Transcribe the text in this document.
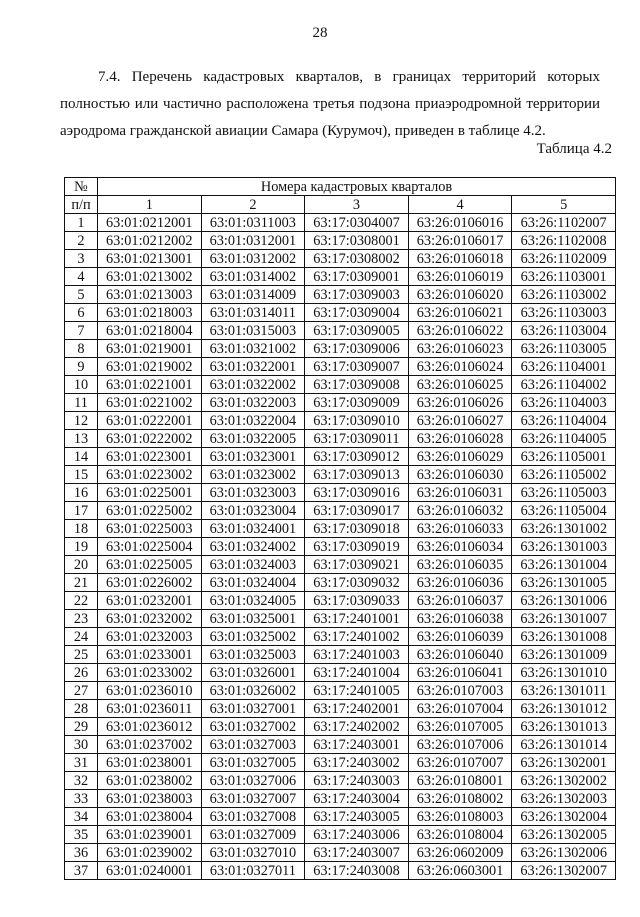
28
7.4. Перечень кадастровых кварталов, в границах территорий которых
полностью или частично расположена третья подзона приаэродромной территории аэродрома гражданской авиации Самара (Курумоч), приведен в таблице 4.2.
Таблица 4.2
№	Номера кадастровых кварталов				
п/п	1	2	3	4	5
1	63:01:0212001	63:01:0311003	63:17:0304007	63:26:0106016	63:26:1102007
2	63:01:0212002	63:01:0312001	63:17:0308001	63:26:0106017	63:26:1102008
3	63:01:0213001	63:01:0312002	63:17:0308002	63:26:0106018	63:26:1102009
4	63:01:0213002	63:01:0314002	63:17:0309001	63:26:0106019	63:26:1103001
5	63:01:0213003	63:01:0314009	63:17:0309003	63:26:0106020	63:26:1103002
6	63:01:0218003	63:01:0314011	63:17:0309004	63:26:0106021	63:26:1103003
7	63:01:0218004	63:01:0315003	63:17:0309005	63:26:0106022	63:26:1103004
8	63:01:0219001	63:01:0321002	63:17:0309006	63:26:0106023	63:26:1103005
9	63:01:0219002	63:01:0322001	63:17:0309007	63:26:0106024	63:26:1104001
10	63:01:0221001	63:01:0322002	63:17:0309008	63:26:0106025	63:26:1104002
11	63:01:0221002	63:01:0322003	63:17:0309009	63:26:0106026	63:26:1104003
12	63:01:0222001	63:01:0322004	63:17:0309010	63:26:0106027	63:26:1104004
13	63:01:0222002	63:01:0322005	63:17:0309011	63:26:0106028	63:26:1104005
14	63:01:0223001	63:01:0323001	63:17:0309012	63:26:0106029	63:26:1105001
15	63:01:0223002	63:01:0323002	63:17:0309013	63:26:0106030	63:26:1105002
16	63:01:0225001	63:01:0323003	63:17:0309016	63:26:0106031	63:26:1105003
17	63:01:0225002	63:01:0323004	63:17:0309017	63:26:0106032	63:26:1105004
18	63:01:0225003	63:01:0324001	63:17:0309018	63:26:0106033	63:26:1301002
19	63:01:0225004	63:01:0324002	63:17:0309019	63:26:0106034	63:26:1301003
20	63:01:0225005	63:01:0324003	63:17:0309021	63:26:0106035	63:26:1301004
21	63:01:0226002	63:01:0324004	63:17:0309032	63:26:0106036	63:26:1301005
22	63:01:0232001	63:01:0324005	63:17:0309033	63:26:0106037	63:26:1301006
23	63:01:0232002	63:01:0325001	63:17:2401001	63:26:0106038	63:26:1301007
24	63:01:0232003	63:01:0325002	63:17:2401002	63:26:0106039	63:26:1301008
25	63:01:0233001	63:01:0325003	63:17:2401003	63:26:0106040	63:26:1301009
26	63:01:0233002	63:01:0326001	63:17:2401004	63:26:0106041	63:26:1301010
27	63:01:0236010	63:01:0326002	63:17:2401005	63:26:0107003	63:26:1301011
28	63:01:0236011	63:01:0327001	63:17:2402001	63:26:0107004	63:26:1301012
29	63:01:0236012	63:01:0327002	63:17:2402002	63:26:0107005	63:26:1301013
30	63:01:0237002	63:01:0327003	63:17:2403001	63:26:0107006	63:26:1301014
31	63:01:0238001	63:01:0327005	63:17:2403002	63:26:0107007	63:26:1302001
32	63:01:0238002	63:01:0327006	63:17:2403003	63:26:0108001	63:26:1302002
33	63:01:0238003	63:01:0327007	63:17:2403004	63:26:0108002	63:26:1302003
34	63:01:0238004	63:01:0327008	63:17:2403005	63:26:0108003	63:26:1302004
35	63:01:0239001	63:01:0327009	63:17:2403006	63:26:0108004	63:26:1302005
36	63:01:0239002	63:01:0327010	63:17:2403007	63:26:0602009	63:26:1302006
37	63:01:0240001	63:01:0327011	63:17:2403008	63:26:0603001	63:26:1302007
